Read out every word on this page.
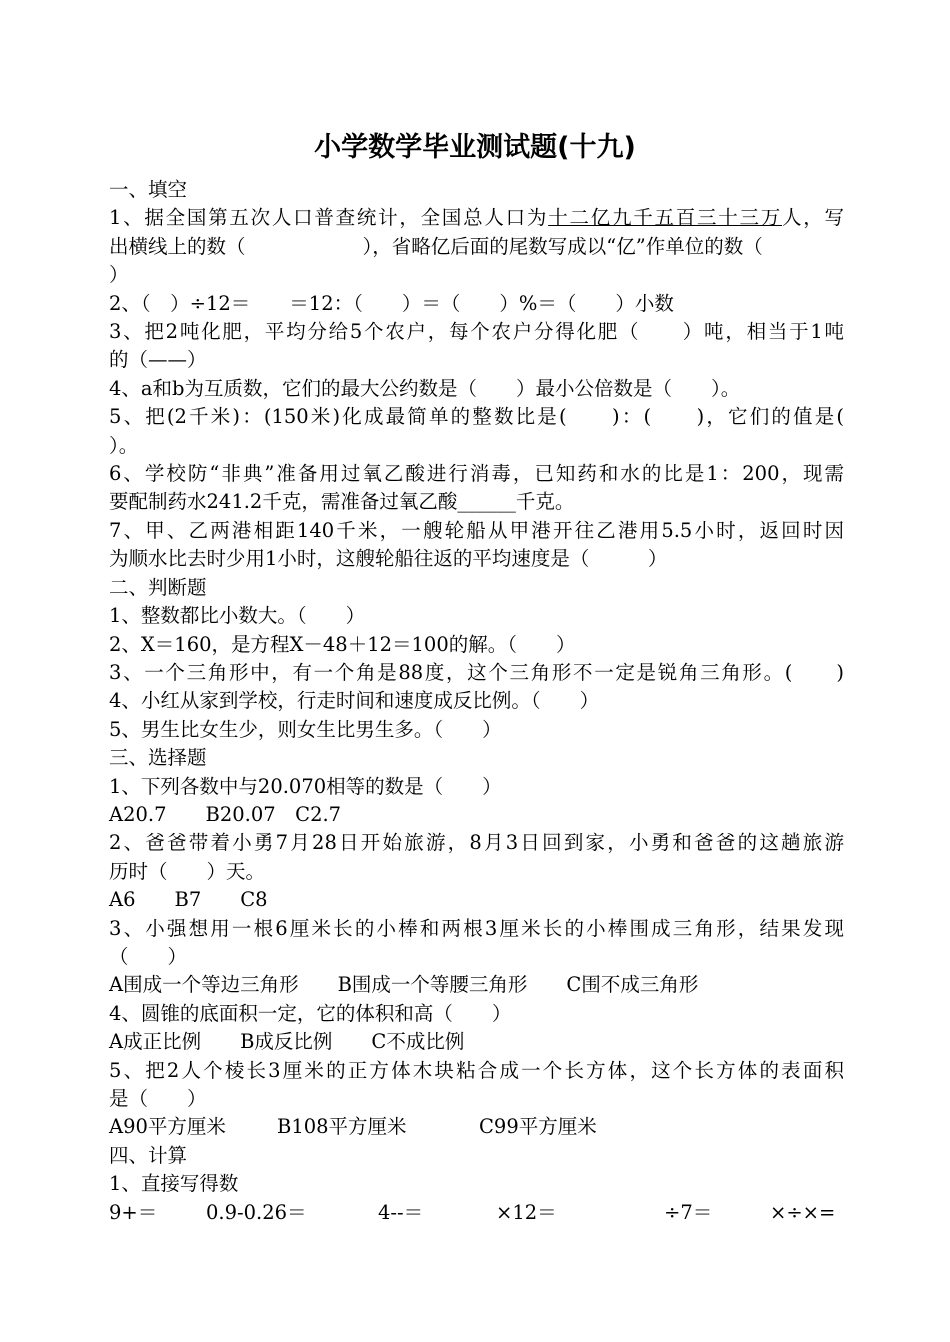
小学数学毕业测试题(十九)
一、填空
1、据全国第五次人口普查统计，全国总人口为十二亿九千五百三十三万人，写
出横线上的数（　　　　　　），省略亿后面的尾数写成以“亿”作单位的数（
）
2、（　）÷12＝　　＝12：（　　）＝（　　）%＝（　　）小数
3、把2吨化肥，平均分给5个农户，每个农户分得化肥（　　）吨，相当于1吨
的（——）
4、a和b为互质数，它们的最大公约数是（　　）最小公倍数是（　　）。
5、把(2千米)：(150米)化成最简单的整数比是(　　)：(　　)，它们的值是(
）。
6、学校防“非典”准备用过氧乙酸进行消毒，已知药和水的比是1：200，现需
要配制药水241.2千克，需准备过氧乙酸______千克。
7、甲、乙两港相距140千米，一艘轮船从甲港开往乙港用5.5小时，返回时因
为顺水比去时少用1小时，这艘轮船往返的平均速度是（　　　）
二、判断题
1、整数都比小数大。（　　）
2、X＝160，是方程X－48＋12＝100的解。（　　）
3、一个三角形中，有一个角是88度，这个三角形不一定是锐角三角形。(　　)
4、小红从家到学校，行走时间和速度成反比例。（　　）
5、男生比女生少，则女生比男生多。（　　）
三、选择题
1、下列各数中与20.070相等的数是（　　）
A20.7　　B20.07　C2.7
2、爸爸带着小勇7月28日开始旅游，8月3日回到家，小勇和爸爸的这趟旅游
历时（　　）天。
A6　　B7　　C8
3、小强想用一根6厘米长的小棒和两根3厘米长的小棒围成三角形，结果发现
（　　）
A围成一个等边三角形　　B围成一个等腰三角形　　C围不成三角形
4、圆锥的底面积一定，它的体积和高（　　）
A成正比例　　B成反比例　　C不成比例
5、把2人个棱长3厘米的正方体木块粘合成一个长方体，这个长方体的表面积
是（　　）
A90平方厘米	B108平方厘米	C99平方厘米
四、计算
1、直接写得数
9+＝	0.9-0.26＝	4--＝	×12＝	÷7＝	×÷×=
